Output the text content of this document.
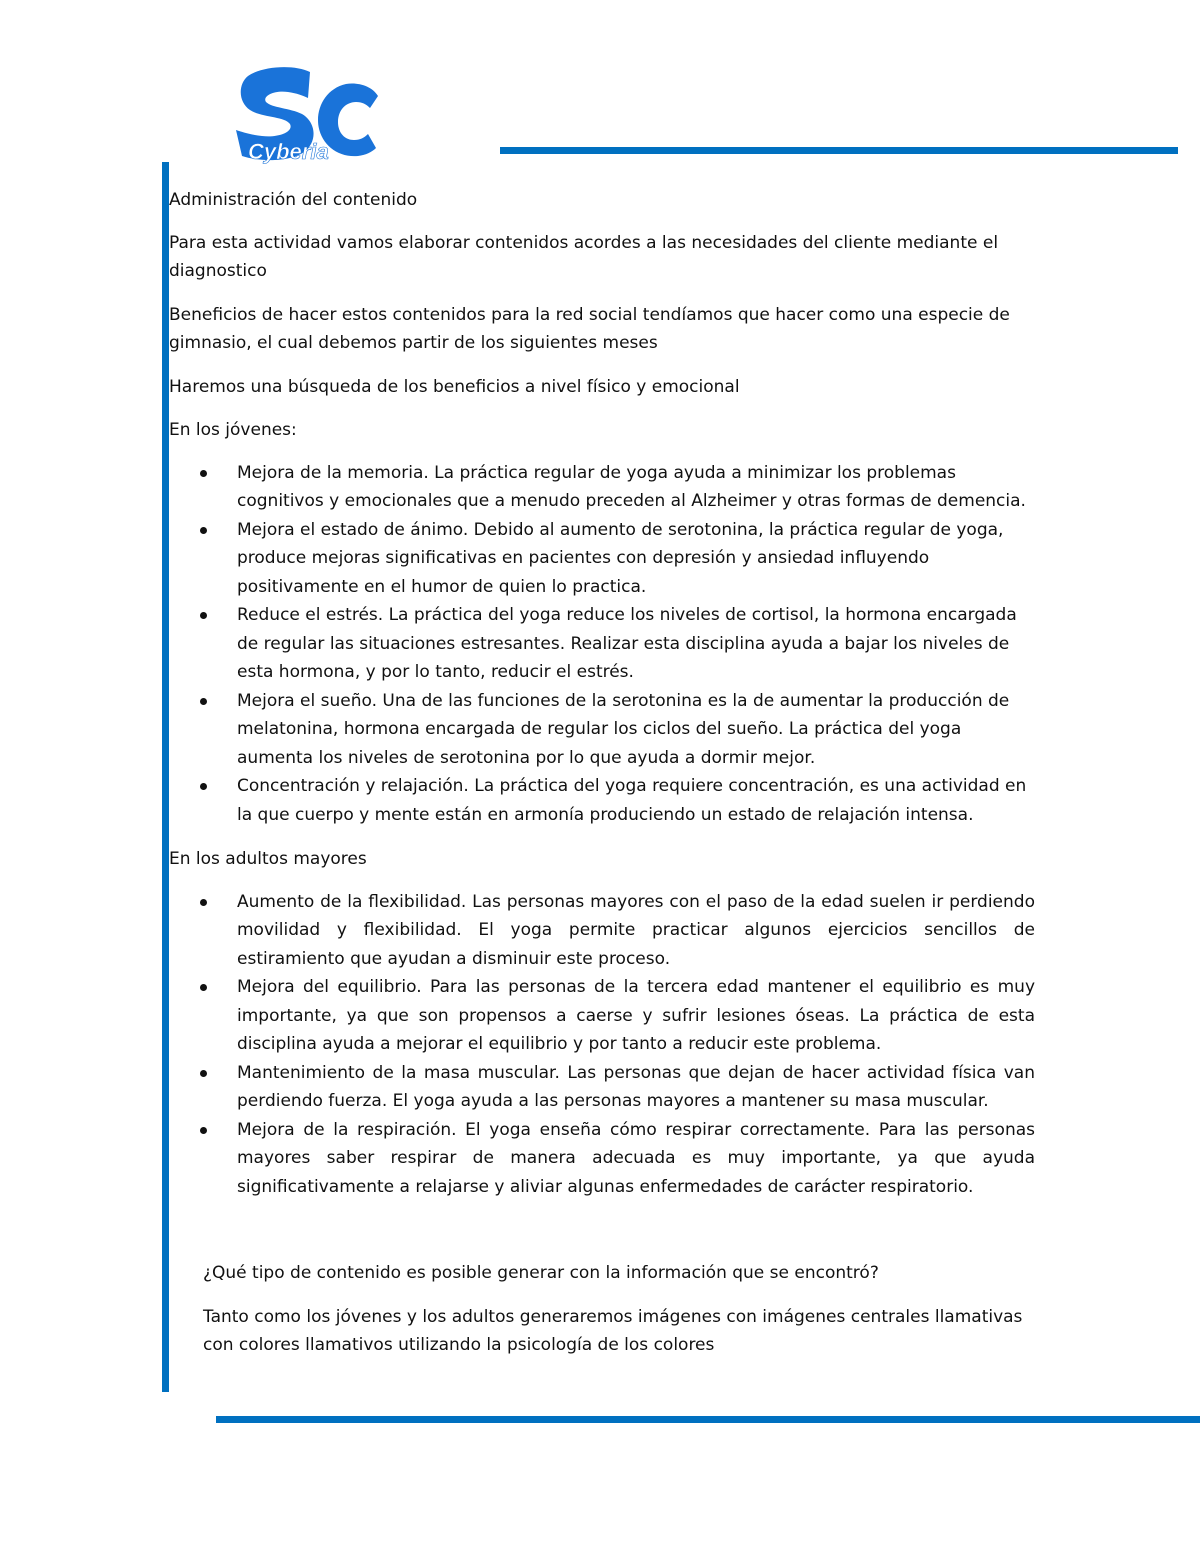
Cyberia

Administración del contenido

Para esta actividad vamos elaborar contenidos acordes a las necesidades del cliente mediante el diagnostico

Beneficios de hacer estos contenidos para la red social tendíamos que hacer como una especie de gimnasio, el cual debemos partir de los siguientes meses

Haremos una búsqueda de los beneficios a nivel físico y emocional

En los jóvenes:

Mejora de la memoria. La práctica regular de yoga ayuda a minimizar los problemas cognitivos y emocionales que a menudo preceden al Alzheimer y otras formas de demencia.
Mejora el estado de ánimo. Debido al aumento de serotonina, la práctica regular de yoga, produce mejoras significativas en pacientes con depresión y ansiedad influyendo positivamente en el humor de quien lo practica.
Reduce el estrés. La práctica del yoga reduce los niveles de cortisol, la hormona encargada de regular las situaciones estresantes. Realizar esta disciplina ayuda a bajar los niveles de esta hormona, y por lo tanto, reducir el estrés.
Mejora el sueño. Una de las funciones de la serotonina es la de aumentar la producción de melatonina, hormona encargada de regular los ciclos del sueño. La práctica del yoga aumenta los niveles de serotonina por lo que ayuda a dormir mejor.
Concentración y relajación. La práctica del yoga requiere concentración, es una actividad en la que cuerpo y mente están en armonía produciendo un estado de relajación intensa.

En los adultos mayores

Aumento de la flexibilidad. Las personas mayores con el paso de la edad suelen ir perdiendo movilidad y flexibilidad. El yoga permite practicar algunos ejercicios sencillos de estiramiento que ayudan a disminuir este proceso.
Mejora del equilibrio. Para las personas de la tercera edad mantener el equilibrio es muy importante, ya que son propensos a caerse y sufrir lesiones óseas. La práctica de esta disciplina ayuda a mejorar el equilibrio y por tanto a reducir este problema.
Mantenimiento de la masa muscular. Las personas que dejan de hacer actividad física van perdiendo fuerza. El yoga ayuda a las personas mayores a mantener su masa muscular.
Mejora de la respiración. El yoga enseña cómo respirar correctamente. Para las personas mayores saber respirar de manera adecuada es muy importante, ya que ayuda significativamente a relajarse y aliviar algunas enfermedades de carácter respiratorio.

¿Qué tipo de contenido es posible generar con la información que se encontró?

Tanto como los jóvenes y los adultos generaremos imágenes con imágenes centrales llamativas con colores llamativos utilizando la psicología de los colores
